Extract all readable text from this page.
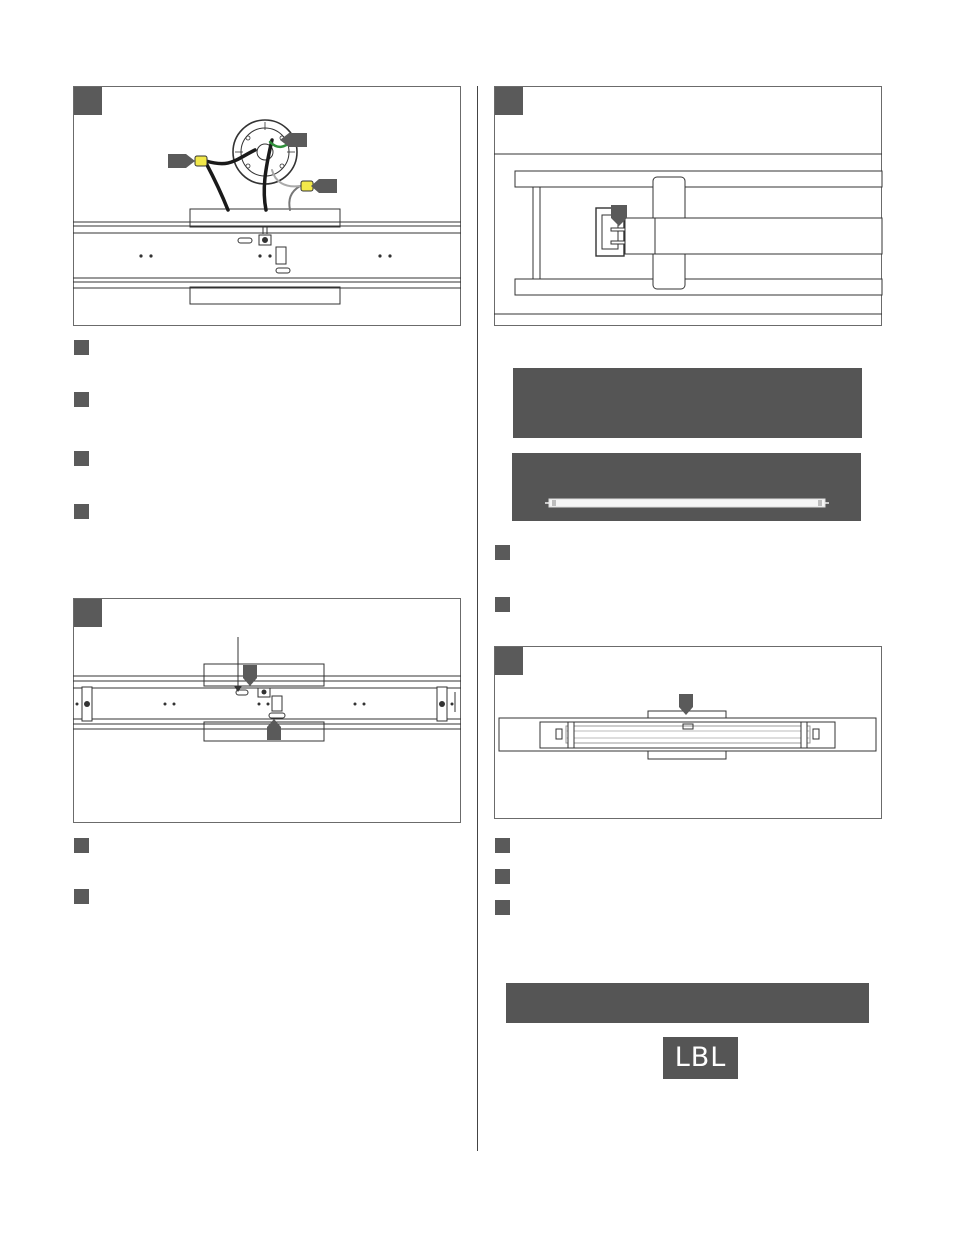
LBL
